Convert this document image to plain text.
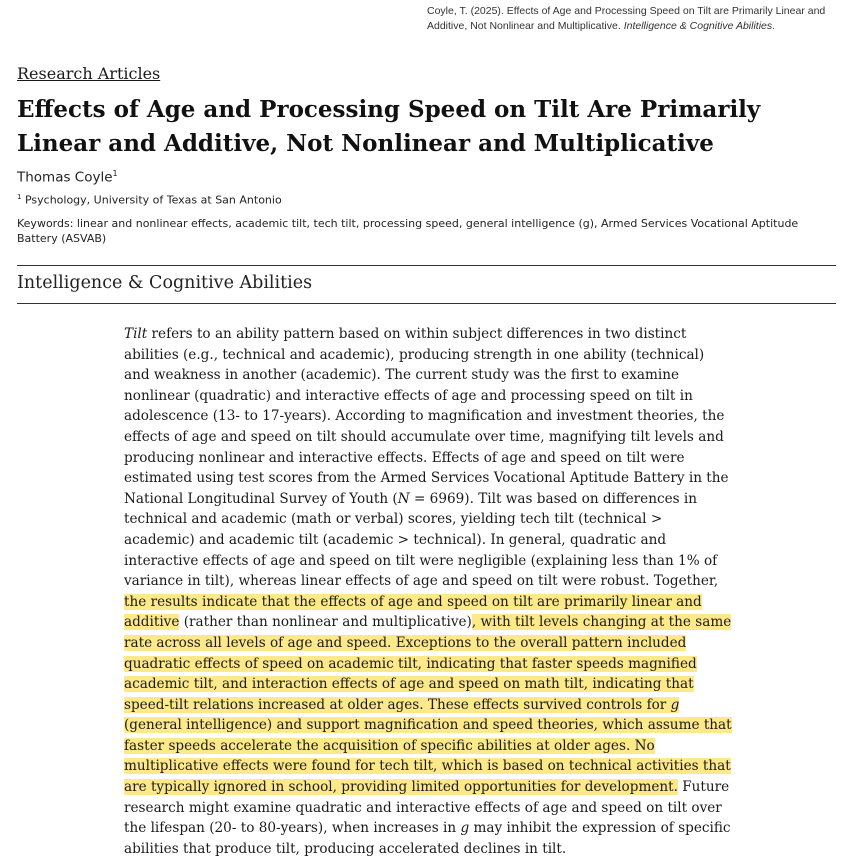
Coyle, T. (2025). Effects of Age and Processing Speed on Tilt are Primarily Linear and Additive, Not Nonlinear and Multiplicative. Intelligence & Cognitive Abilities.
Research Articles
Effects of Age and Processing Speed on Tilt Are Primarily Linear and Additive, Not Nonlinear and Multiplicative
Thomas Coyle$^1$
$^1$ Psychology, University of Texas at San Antonio
Keywords: linear and nonlinear effects, academic tilt, tech tilt, processing speed, general intelligence (g), Armed Services Vocational Aptitude Battery (ASVAB)
Intelligence & Cognitive Abilities
Tilt refers to an ability pattern based on within subject differences in two distinct abilities (e.g., technical and academic), producing strength in one ability (technical) and weakness in another (academic). The current study was the first to examine nonlinear (quadratic) and interactive effects of age and processing speed on tilt in adolescence (13- to 17-years). According to magnification and investment theories, the effects of age and speed on tilt should accumulate over time, magnifying tilt levels and producing nonlinear and interactive effects. Effects of age and speed on tilt were estimated using test scores from the Armed Services Vocational Aptitude Battery in the National Longitudinal Survey of Youth (N = 6969). Tilt was based on differences in technical and academic (math or verbal) scores, yielding tech tilt (technical > academic) and academic tilt (academic > technical). In general, quadratic and interactive effects of age and speed on tilt were negligible (explaining less than 1% of variance in tilt), whereas linear effects of age and speed on tilt were robust. Together, the results indicate that the effects of age and speed on tilt are primarily linear and additive (rather than nonlinear and multiplicative), with tilt levels changing at the same rate across all levels of age and speed. Exceptions to the overall pattern included quadratic effects of speed on academic tilt, indicating that faster speeds magnified academic tilt, and interaction effects of age and speed on math tilt, indicating that speed-tilt relations increased at older ages. These effects survived controls for g (general intelligence) and support magnification and speed theories, which assume that faster speeds accelerate the acquisition of specific abilities at older ages. No multiplicative effects were found for tech tilt, which is based on technical activities that are typically ignored in school, providing limited opportunities for development. Future research might examine quadratic and interactive effects of age and speed on tilt over the lifespan (20- to 80-years), when increases in g may inhibit the expression of specific abilities that produce tilt, producing accelerated declines in tilt.
